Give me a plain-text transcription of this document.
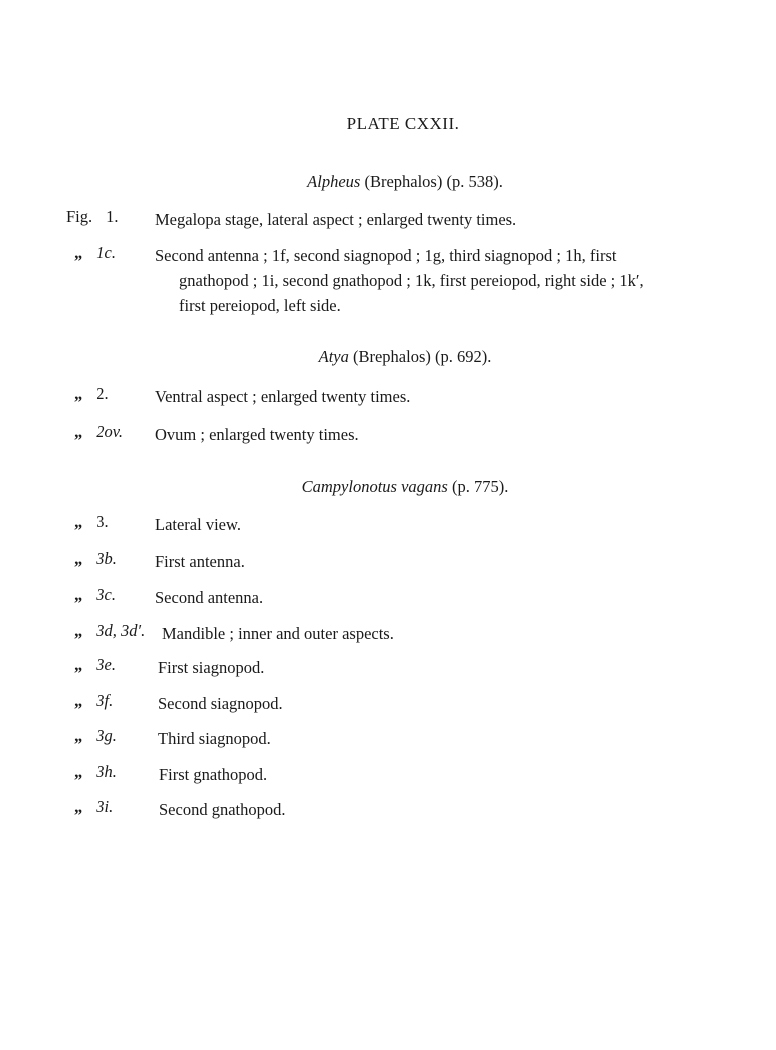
PLATE CXXII.
Alpheus (Brephalos) (p. 538).
Fig. 1. Megalopa stage, lateral aspect ; enlarged twenty times.
„ 1c. Second antenna ; 1f, second siagnopod ; 1g, third siagnopod ; 1h, first
gnathopod ; 1i, second gnathopod ; 1k, first pereiopod, right side ; 1k′,
first pereiopod, left side.
Atya (Brephalos) (p. 692).
„ 2.	Ventral aspect ; enlarged twenty times.
„ 2ov. Ovum ; enlarged twenty times.
Campylonotus vagans (p. 775).
„ 3.	Lateral view.
„ 3b. First antenna.
„ 3c. Second antenna.
„ 3d, 3d′. Mandible ; inner and outer aspects.
„ 3e.	First siagnopod.
„ 3f.	Second siagnopod.
„ 3g. Third siagnopod.
„ 3h.	First gnathopod.
„ 3i.	Second gnathopod.
